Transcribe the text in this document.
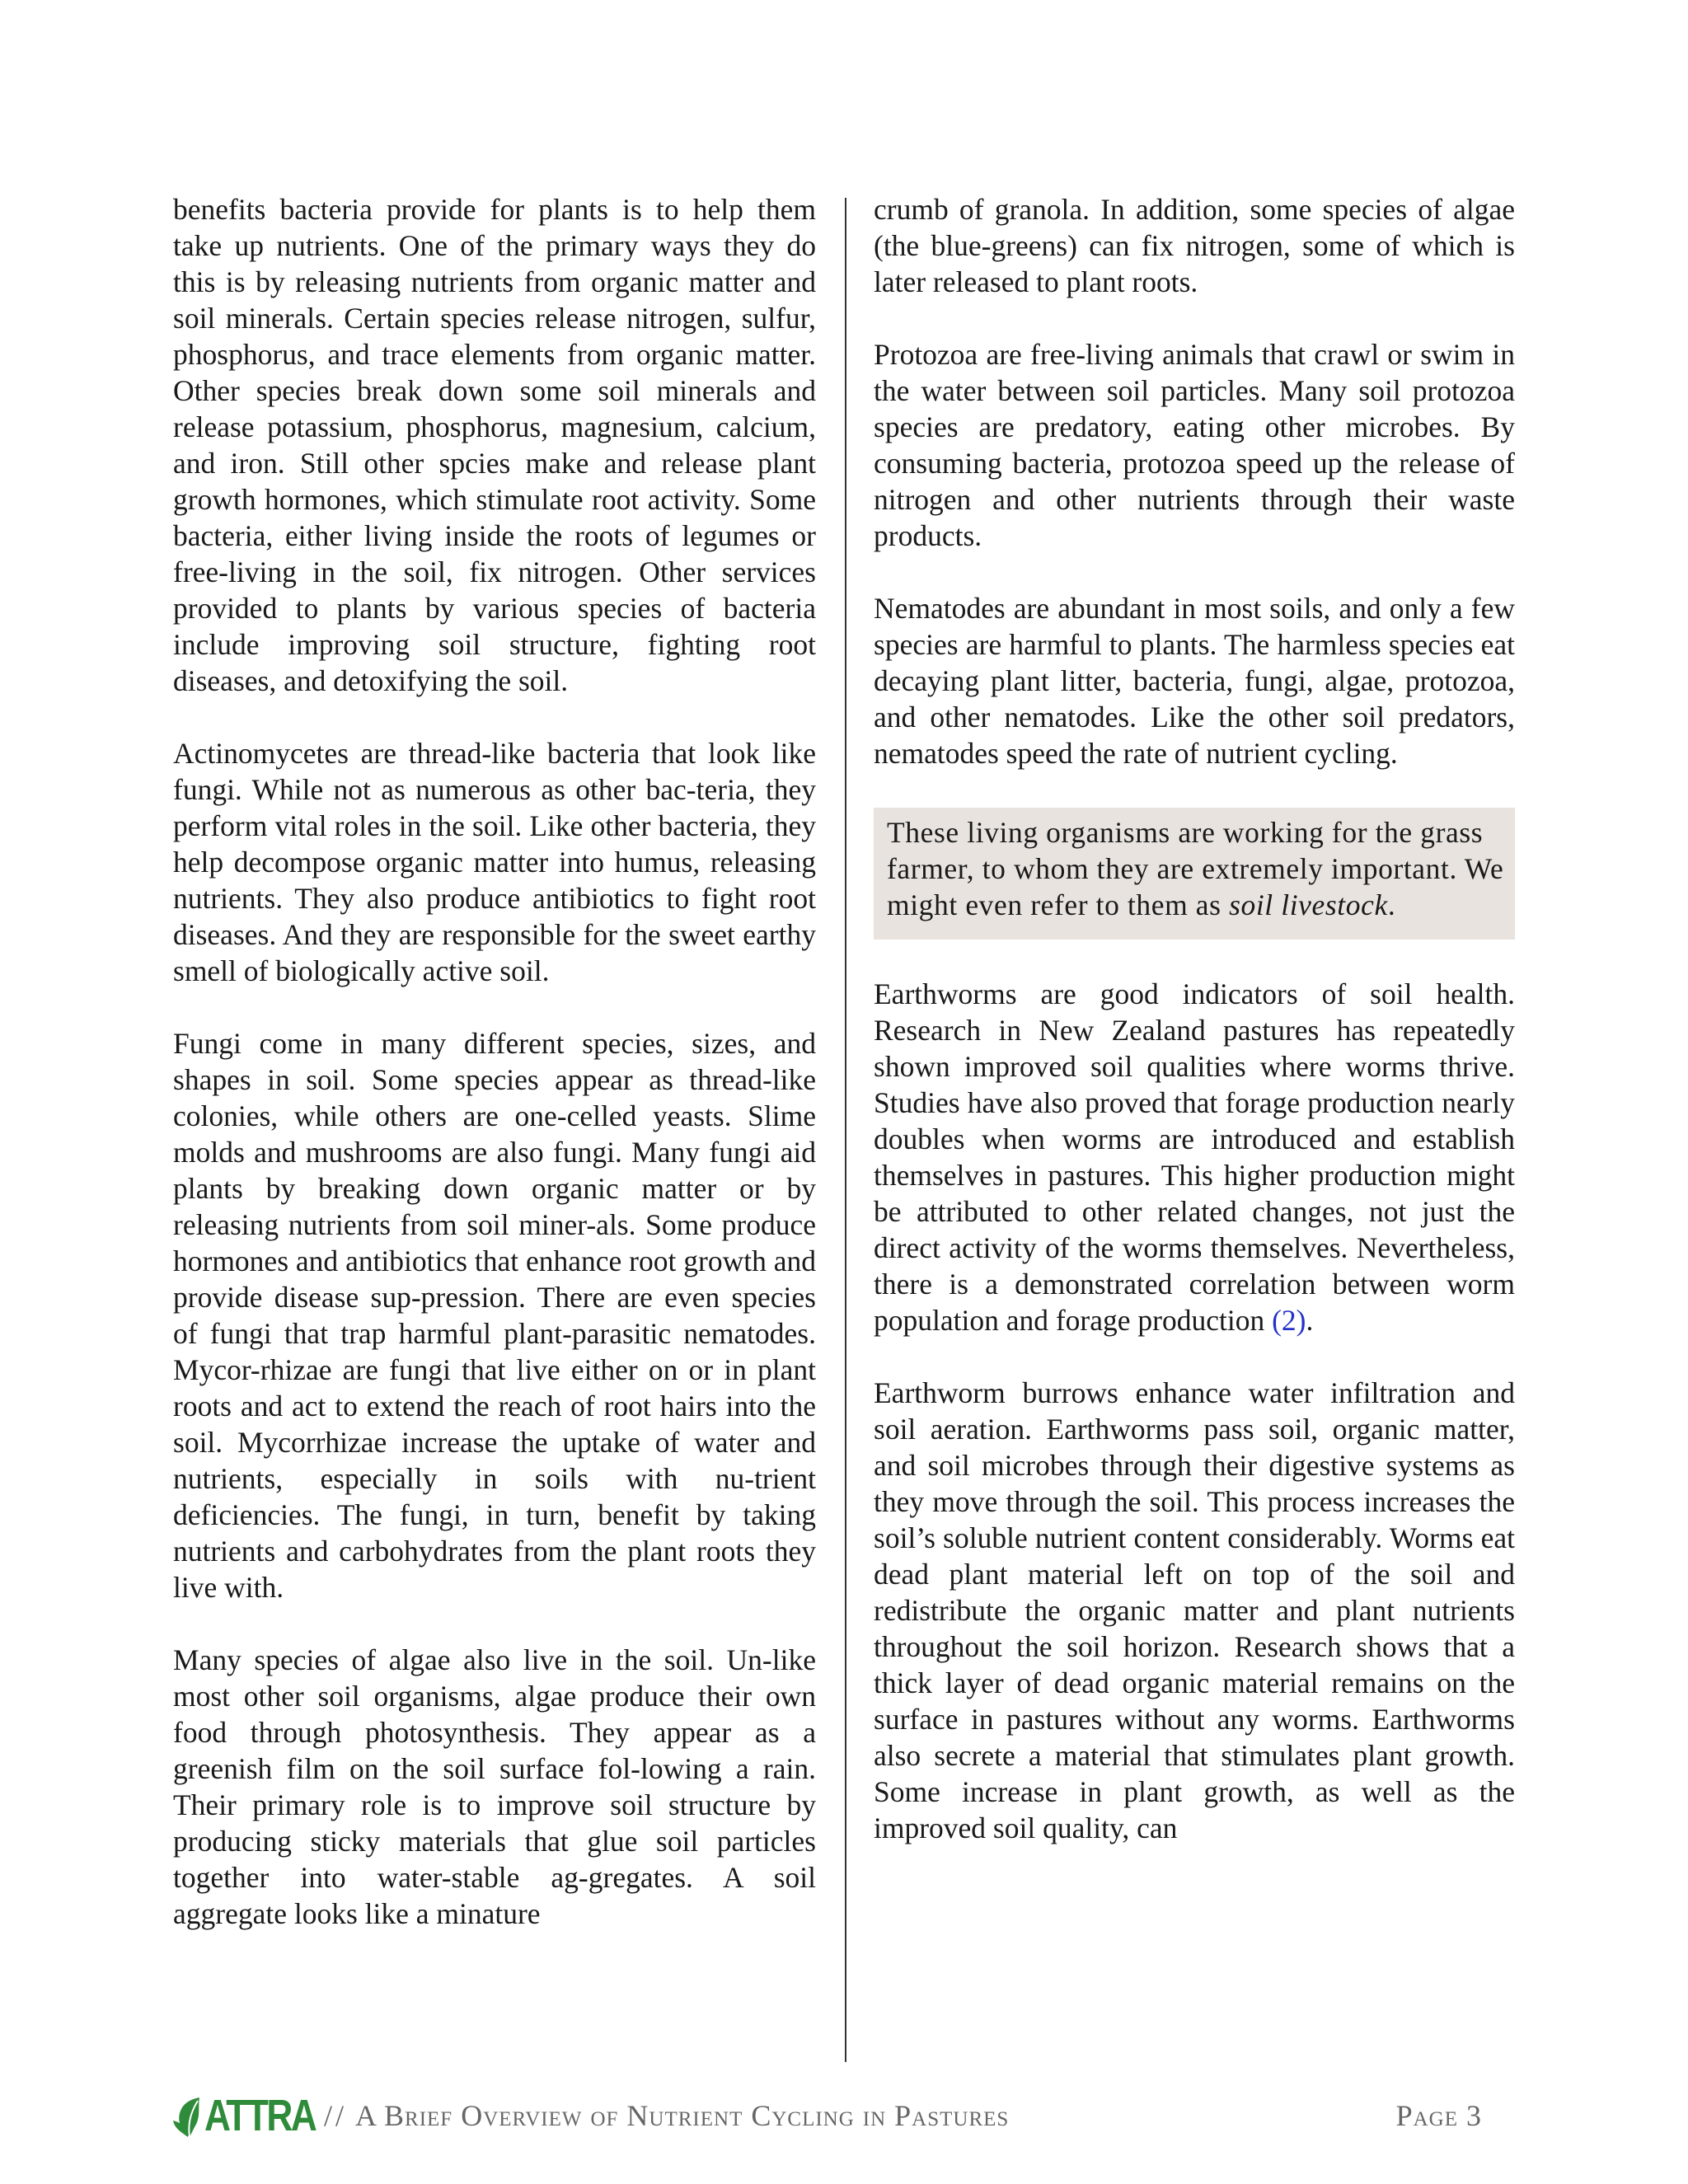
benefits bacteria provide for plants is to help them take up nutrients. One of the primary ways they do this is by releasing nutrients from organic matter and soil minerals. Certain species release nitrogen, sulfur, phosphorus, and trace elements from organic matter. Other species break down some soil minerals and release potassium, phosphorus, magnesium, calcium, and iron. Still other spcies make and release plant growth hormones, which stimulate root activity. Some bacteria, either living inside the roots of legumes or free-living in the soil, fix nitrogen. Other services provided to plants by various species of bacteria include improving soil structure, fighting root diseases, and detoxifying the soil.

Actinomycetes are thread-like bacteria that look like fungi. While not as numerous as other bac-teria, they perform vital roles in the soil. Like other bacteria, they help decompose organic matter into humus, releasing nutrients. They also produce antibiotics to fight root diseases. And they are responsible for the sweet earthy smell of biologically active soil.

Fungi come in many different species, sizes, and shapes in soil. Some species appear as thread-like colonies, while others are one-celled yeasts. Slime molds and mushrooms are also fungi. Many fungi aid plants by breaking down organic matter or by releasing nutrients from soil miner-als. Some produce hormones and antibiotics that enhance root growth and provide disease sup-pression. There are even species of fungi that trap harmful plant-parasitic nematodes. Mycor-rhizae are fungi that live either on or in plant roots and act to extend the reach of root hairs into the soil. Mycorrhizae increase the uptake of water and nutrients, especially in soils with nu-trient deficiencies. The fungi, in turn, benefit by taking nutrients and carbohydrates from the plant roots they live with.

Many species of algae also live in the soil. Un-like most other soil organisms, algae produce their own food through photosynthesis. They appear as a greenish film on the soil surface fol-lowing a rain. Their primary role is to improve soil structure by producing sticky materials that glue soil particles together into water-stable ag-gregates. A soil aggregate looks like a minature

crumb of granola. In addition, some species of algae (the blue-greens) can fix nitrogen, some of which is later released to plant roots.

Protozoa are free-living animals that crawl or swim in the water between soil particles. Many soil protozoa species are predatory, eating other microbes. By consuming bacteria, protozoa speed up the release of nitrogen and other nutrients through their waste products.

Nematodes are abundant in most soils, and only a few species are harmful to plants. The harmless species eat decaying plant litter, bacteria, fungi, algae, protozoa, and other nematodes. Like the other soil predators, nematodes speed the rate of nutrient cycling.

These living organisms are working for the grass farmer, to whom they are extremely important. We might even refer to them as soil livestock.

Earthworms are good indicators of soil health. Research in New Zealand pastures has repeatedly shown improved soil qualities where worms thrive. Studies have also proved that forage production nearly doubles when worms are introduced and establish themselves in pastures. This higher production might be attributed to other related changes, not just the direct activity of the worms themselves. Nevertheless, there is a demonstrated correlation between worm population and forage production (2).

Earthworm burrows enhance water infiltration and soil aeration. Earthworms pass soil, organic matter, and soil microbes through their digestive systems as they move through the soil. This process increases the soil’s soluble nutrient content considerably. Worms eat dead plant material left on top of the soil and redistribute the organic matter and plant nutrients throughout the soil horizon. Research shows that a thick layer of dead organic material remains on the surface in pastures without any worms. Earthworms also secrete a material that stimulates plant growth. Some increase in plant growth, as well as the improved soil quality, can

ATTRA // A Brief Overview of Nutrient Cycling in Pastures	Page 3
